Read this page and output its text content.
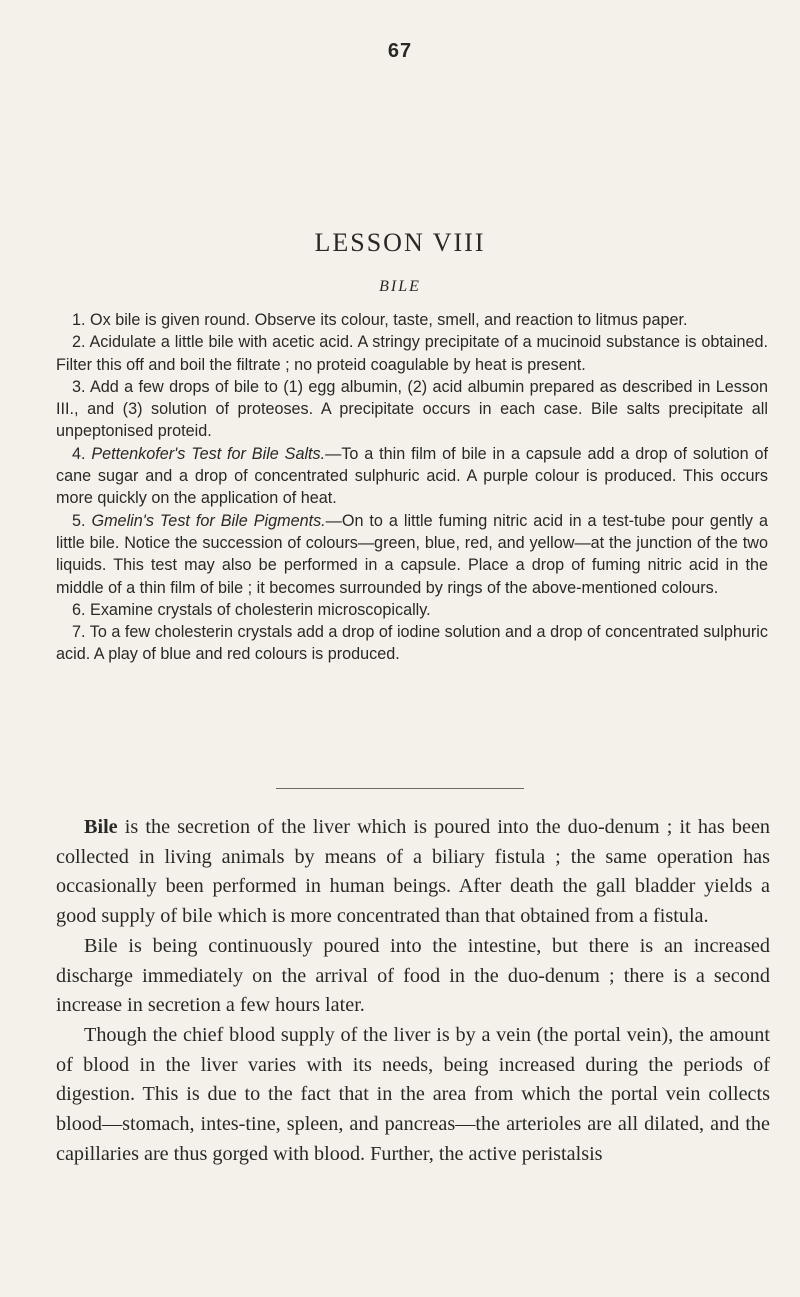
67
LESSON VIII
BILE

1. Ox bile is given round. Observe its colour, taste, smell, and reaction to litmus paper.

2. Acidulate a little bile with acetic acid. A stringy precipitate of a mucinoid substance is obtained. Filter this off and boil the filtrate ; no proteid coagulable by heat is present.

3. Add a few drops of bile to (1) egg albumin, (2) acid albumin prepared as described in Lesson III., and (3) solution of proteoses. A precipitate occurs in each case. Bile salts precipitate all unpeptonised proteid.

4. Pettenkofer's Test for Bile Salts.—To a thin film of bile in a capsule add a drop of solution of cane sugar and a drop of concentrated sulphuric acid. A purple colour is produced. This occurs more quickly on the application of heat.

5. Gmelin's Test for Bile Pigments.—On to a little fuming nitric acid in a test-tube pour gently a little bile. Notice the succession of colours—green, blue, red, and yellow—at the junction of the two liquids. This test may also be performed in a capsule. Place a drop of fuming nitric acid in the middle of a thin film of bile ; it becomes surrounded by rings of the above-mentioned colours.

6. Examine crystals of cholesterin microscopically.

7. To a few cholesterin crystals add a drop of iodine solution and a drop of concentrated sulphuric acid. A play of blue and red colours is produced.

Bile is the secretion of the liver which is poured into the duo-denum ; it has been collected in living animals by means of a biliary fistula ; the same operation has occasionally been performed in human beings. After death the gall bladder yields a good supply of bile which is more concentrated than that obtained from a fistula.

Bile is being continuously poured into the intestine, but there is an increased discharge immediately on the arrival of food in the duo-denum ; there is a second increase in secretion a few hours later.

Though the chief blood supply of the liver is by a vein (the portal vein), the amount of blood in the liver varies with its needs, being increased during the periods of digestion. This is due to the fact that in the area from which the portal vein collects blood—stomach, intes-tine, spleen, and pancreas—the arterioles are all dilated, and the capillaries are thus gorged with blood. Further, the active peristalsis
